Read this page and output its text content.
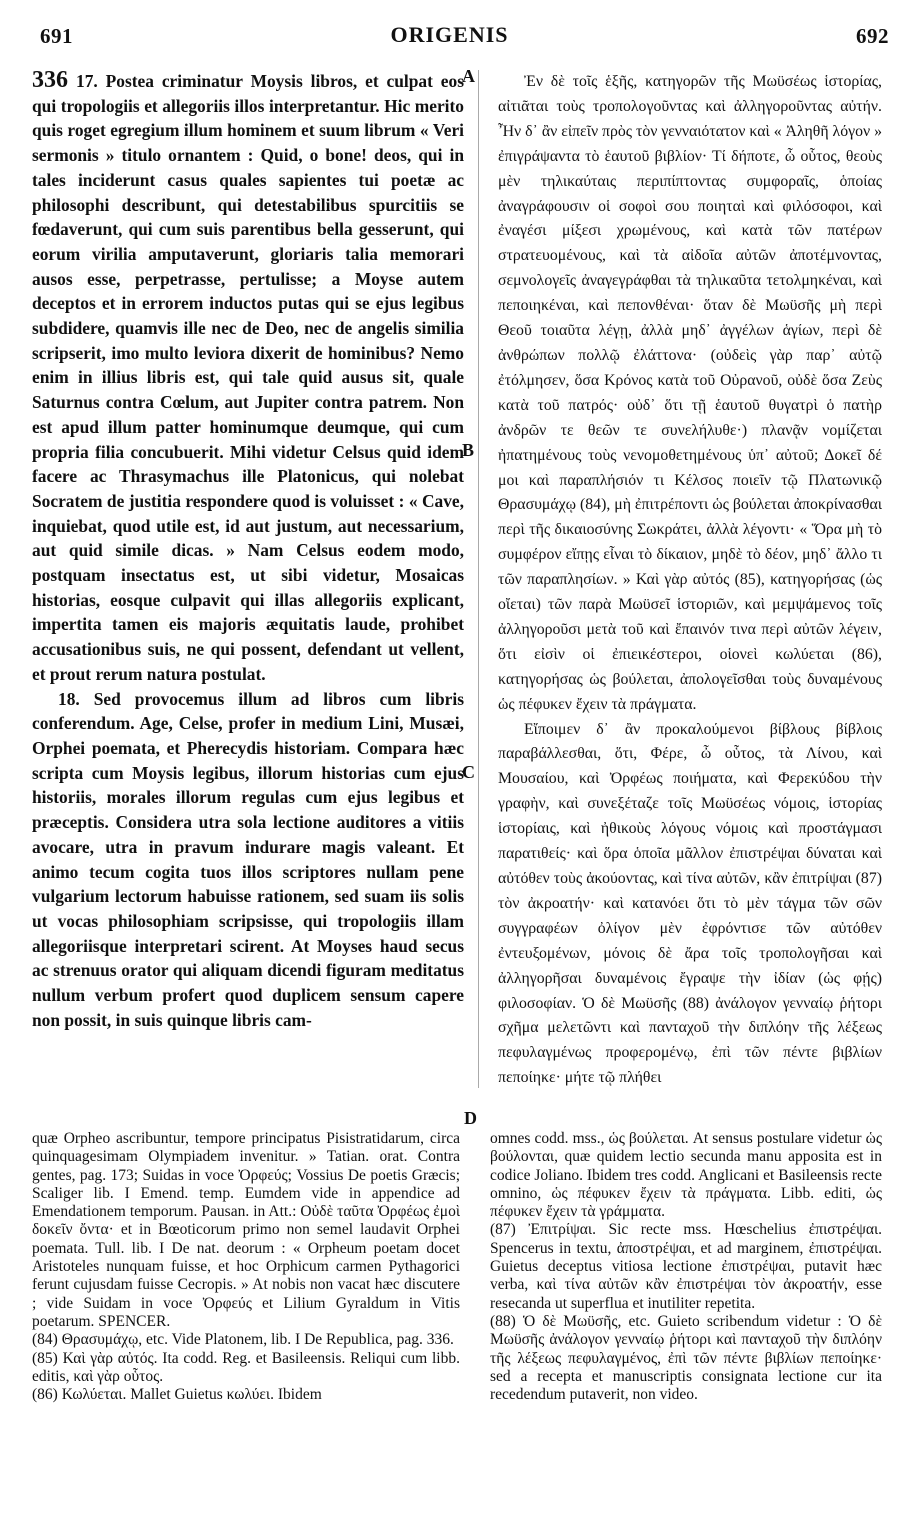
691	ORIGENIS	692
A
B
C
D

336 17. Postea criminatur Moysis libros, et culpat eos qui tropologiis et allegoriis illos interpretantur. Hic merito quis roget egregium illum hominem et suum librum « Veri sermonis » titulo ornantem : Quid, o bone! deos, qui in tales inciderunt casus quales sapientes tui poetæ ac philosophi describunt, qui detestabilibus spurcitiis se fœdaverunt, qui cum suis parentibus bella gesserunt, qui eorum virilia amputaverunt, gloriaris talia memorari ausos esse, perpetrasse, pertulisse; a Moyse autem deceptos et in errorem inductos putas qui se ejus legibus subdidere, quamvis ille nec de Deo, nec de angelis similia scripserit, imo multo leviora dixerit de hominibus? Nemo enim in illius libris est, qui tale quid ausus sit, quale Saturnus contra Cœlum, aut Jupiter contra patrem. Non est apud illum patter hominumque deumque, qui cum propria filia concubuerit. Mihi videtur Celsus quid idem facere ac Thrasymachus ille Platonicus, qui nolebat Socratem de justitia respondere quod is voluisset : « Cave, inquiebat, quod utile est, id aut justum, aut necessarium, aut quid simile dicas. » Nam Celsus eodem modo, postquam insectatus est, ut sibi videtur, Mosaicas historias, eosque culpavit qui illas allegoriis explicant, impertita tamen eis majoris æquitatis laude, prohibet accusationibus suis, ne qui possent, defendant ut vellent, et prout rerum natura postulat.

18. Sed provocemus illum ad libros cum libris conferendum. Age, Celse, profer in medium Lini, Musæi, Orphei poemata, et Pherecydis historiam. Compara hæc scripta cum Moysis legibus, illorum historias cum ejus historiis, morales illorum regulas cum ejus legibus et præceptis. Considera utra sola lectione auditores a vitiis avocare, utra in pravum indurare magis valeant. Et animo tecum cogita tuos illos scriptores nullam pene vulgarium lectorum habuisse rationem, sed suam iis solis ut vocas philosophiam scripsisse, qui tropologiis illam allegoriisque interpretari scirent. At Moyses haud secus ac strenuus orator qui aliquam dicendi figuram meditatus nullum verbum profert quod duplicem sensum capere non possit, in suis quinque libris cam-

Ἐν δὲ τοῖς ἑξῆς, κατηγορῶν τῆς Μωϋσέως ἱστορίας, αἰτιᾶται τοὺς τροπολογοῦντας καὶ ἀλληγοροῦντας αὐτήν. Ἦν δ᾽ ἂν εἰπεῖν πρὸς τὸν γενναιότατον καὶ « Ἀληθῆ λόγον » ἐπιγράψαντα τὸ ἑαυτοῦ βιβλίον· Τί δήποτε, ὦ οὗτος, θεοὺς μὲν τηλικαύταις περιπίπτοντας συμφοραῖς, ὁποίας ἀναγράφουσιν οἱ σοφοὶ σου ποιηταὶ καὶ φιλόσοφοι, καὶ ἐναγέσι μίξεσι χρωμένους, καὶ κατὰ τῶν πατέρων στρατευομένους, καὶ τὰ αἰδοῖα αὐτῶν ἀποτέμνοντας, σεμνολογεῖς ἀναγεγράφθαι τὰ τηλικαῦτα τετολμηκέναι, καὶ πεποιηκέναι, καὶ πεπονθέναι· ὅταν δὲ Μωϋσῆς μὴ περὶ Θεοῦ τοιαῦτα λέγῃ, ἀλλὰ μηδ᾽ ἀγγέλων ἁγίων, περὶ δὲ ἀνθρώπων πολλῷ ἐλάττονα· (οὐδεὶς γὰρ παρ᾽ αὐτῷ ἐτόλμησεν, ὅσα Κρόνος κατὰ τοῦ Οὐρανοῦ, οὐδὲ ὅσα Ζεὺς κατὰ τοῦ πατρός· οὐδ᾽ ὅτι τῇ ἑαυτοῦ θυγατρὶ ὁ πατὴρ ἀνδρῶν τε θεῶν τε συνελήλυθε·) πλανᾷν νομίζεται ἠπατημένους τοὺς νενομοθετημένους ὑπ᾽ αὐτοῦ; Δοκεῖ δέ μοι καὶ παραπλήσιόν τι Κέλσος ποιεῖν τῷ Πλατωνικῷ Θρασυμάχῳ (84), μὴ ἐπιτρέποντι ὡς βούλεται ἀποκρίνασθαι περὶ τῆς δικαιοσύνης Σωκράτει, ἀλλὰ λέγοντι· « Ὅρα μὴ τὸ συμφέρον εἴπῃς εἶναι τὸ δίκαιον, μηδὲ τὸ δέον, μηδ᾽ ἄλλο τι τῶν παραπλησίων. » Καὶ γὰρ αὐτός (85), κατηγορήσας (ὡς οἴεται) τῶν παρὰ Μωϋσεῖ ἱστοριῶν, καὶ μεμψάμενος τοῖς ἀλληγοροῦσι μετὰ τοῦ καὶ ἔπαινόν τινα περὶ αὐτῶν λέγειν, ὅτι εἰσὶν οἱ ἐπιεικέστεροι, οἱονεὶ κωλύεται (86), κατηγορήσας ὡς βούλεται, ἀπολογεῖσθαι τοὺς δυναμένους ὡς πέφυκεν ἔχειν τὰ πράγματα.

Εἴποιμεν δ᾽ ἂν προκαλούμενοι βίβλους βίβλοις παραβάλλεσθαι, ὅτι, Φέρε, ὦ οὗτος, τὰ Λίνου, καὶ Μουσαίου, καὶ Ὀρφέως ποιήματα, καὶ Φερεκύδου τὴν γραφὴν, καὶ συνεξέταζε τοῖς Μωϋσέως νόμοις, ἱστορίας ἱστορίαις, καὶ ἠθικοὺς λόγους νόμοις καὶ προστάγμασι παρατιθείς· καὶ ὅρα ὁποῖα μᾶλλον ἐπιστρέψαι δύναται καὶ αὐτόθεν τοὺς ἀκούοντας, καὶ τίνα αὐτῶν, κἂν ἐπιτρίψαι (87) τὸν ἀκροατήν· καὶ κατανόει ὅτι τὸ μὲν τάγμα τῶν σῶν συγγραφέων ὀλίγον μὲν ἐφρόντισε τῶν αὐτόθεν ἐντευξομένων, μόνοις δὲ ἄρα τοῖς τροπολογῆσαι καὶ ἀλληγορῆσαι δυναμένοις ἔγραψε τὴν ἰδίαν (ὡς φῄς) φιλοσοφίαν. Ὁ δὲ Μωϋσῆς (88) ἀνάλογον γενναίῳ ῥήτορι σχῆμα μελετῶντι καὶ πανταχοῦ τὴν διπλόην τῆς λέξεως πεφυλαγμένως προφερομένῳ, ἐπὶ τῶν πέντε βιβλίων πεποίηκε· μήτε τῷ πλήθει

quæ Orpheo ascribuntur, tempore principatus Pisistratidarum, circa quinquagesimam Olympiadem invenitur. » Tatian. orat. Contra gentes, pag. 173; Suidas in voce Ὀρφεύς; Vossius De poetis Græcis; Scaliger lib. I Emend. temp. Eumdem vide in appendice ad Emendationem temporum. Pausan. in Att.: Οὐδὲ ταῦτα Ὀρφέως ἐμοὶ δοκεῖν ὄντα· et in Bœoticorum primo non semel laudavit Orphei poemata. Tull. lib. I De nat. deorum : « Orpheum poetam docet Aristoteles nunquam fuisse, et hoc Orphicum carmen Pythagorici ferunt cujusdam fuisse Cecropis. » At nobis non vacat hæc discutere ; vide Suidam in voce Ὀρφεύς et Lilium Gyraldum in Vitis poetarum. SPENCER.

(84) Θρασυμάχῳ, etc. Vide Platonem, lib. I De Republica, pag. 336.

(85) Καὶ γὰρ αὐτός. Ita codd. Reg. et Basileensis. Reliqui cum libb. editis, καὶ γὰρ οὗτος.

(86) Κωλύεται. Mallet Guietus κωλύει. Ibidem

omnes codd. mss., ὡς βούλεται. At sensus postulare videtur ὡς βούλονται, quæ quidem lectio secunda manu apposita est in codice Joliano. Ibidem tres codd. Anglicani et Basileensis recte omnino, ὡς πέφυκεν ἔχειν τὰ πράγματα. Libb. editi, ὡς πέφυκεν ἔχειν τὰ γράμματα.

(87) Ἐπιτρίψαι. Sic recte mss. Hœschelius ἐπιστρέψαι. Spencerus in textu, ἀποστρέψαι, et ad marginem, ἐπιστρέψαι. Guietus deceptus vitiosa lectione ἐπιστρέψαι, putavit hæc verba, καὶ τίνα αὐτῶν κἂν ἐπιστρέψαι τὸν ἀκροατήν, esse resecanda ut superflua et inutiliter repetita.

(88) Ὁ δὲ Μωϋσῆς, etc. Guieto scribendum videtur : Ὁ δὲ Μωϋσῆς ἀνάλογον γενναίῳ ῥήτορι καὶ πανταχοῦ τὴν διπλόην τῆς λέξεως πεφυλαγμένος, ἐπὶ τῶν πέντε βιβλίων πεποίηκε· sed a recepta et manuscriptis consignata lectione cur ita recedendum putaverit, non video.
